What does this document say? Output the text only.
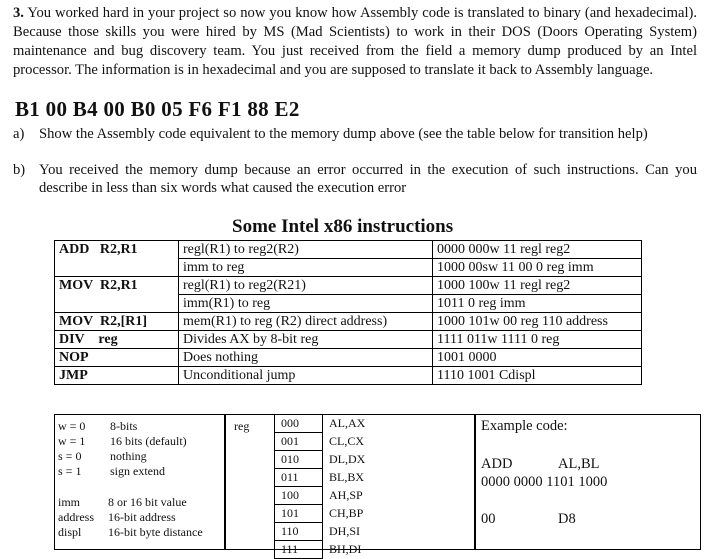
3. You worked hard in your project so now you know how Assembly code is translated to binary (and hexadecimal). Because those skills you were hired by MS (Mad Scientists) to work in their DOS (Doors Operating System) maintenance and bug discovery team. You just received from the field a memory dump produced by an Intel processor. The information is in hexadecimal and you are supposed to translate it back to Assembly language.
B1 00 B4 00 B0 05 F6 F1 88 E2
a) Show the Assembly code equivalent to the memory dump above (see the table below for transition help)
b) You received the memory dump because an error occurred in the execution of such instructions. Can you describe in less than six words what caused the execution error
Some Intel x86 instructions
ADD   R2,R1	regl(R1) to reg2(R2)	0000 000w 11 regl reg2
	imm to reg	1000 00sw 11 00 0 reg imm
MOV  R2,R1	regl(R1) to reg2(R21)	1000 100w 11 regl reg2
	imm(R1) to reg	1011 0 reg imm
MOV  R2,[R1]	mem(R1) to reg (R2) direct address)	1000 101w 00 reg 110 address
DIV    reg	Divides AX by 8-bit reg	1111 011w 1111 0 reg
NOP	Does nothing	1001 0000
JMP	Unconditional jump	1110 1001 Cdispl
w = 0 8-bits
w = 1 16 bits (default)
s = 0 nothing
s = 1 sign extend
imm 8 or 16 bit value
address 16-bit address
displ 16-bit byte distance
reg	000	AL,AX
001	CL,CX
010	DL,DX
011	BL,BX
100	AH,SP
101	CH,BP
110	DH,SI
111	BH,DI
Example code:
ADD	AL,BL
0000 0000 1101 1000
00	D8
